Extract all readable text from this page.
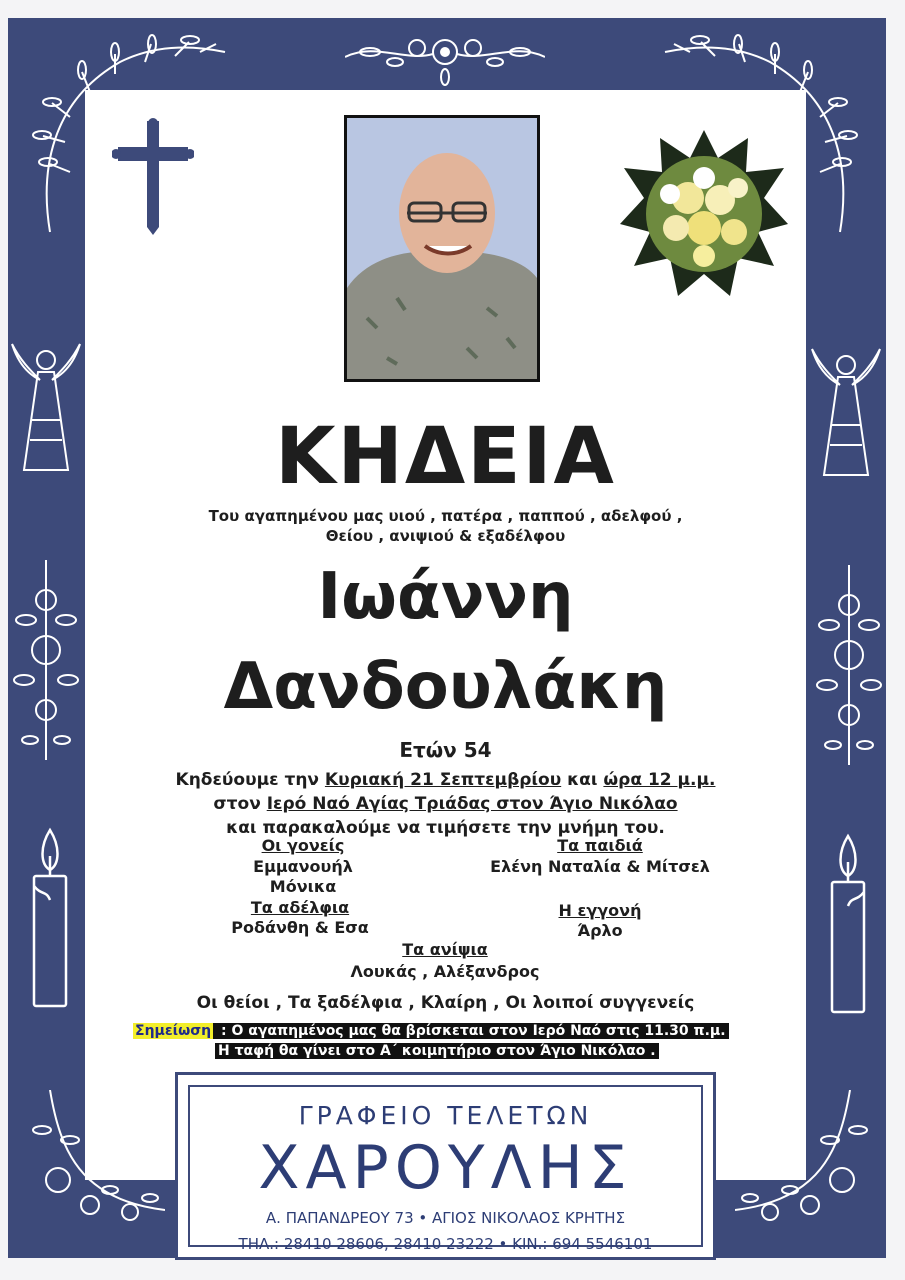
ΚΗΔΕΙΑ
Του αγαπημένου μας υιού , πατέρα , παππού , αδελφού ,
Θείου , ανιψιού & εξαδέλφου
Ιωάννη
Δανδουλάκη
Ετών 54
Κηδεύουμε την Κυριακή 21 Σεπτεμβρίου και ώρα 12 μ.μ.
στον Ιερό Ναό Αγίας Τριάδας στον Άγιο Νικόλαο
και παρακαλούμε να τιμήσετε την μνήμη του.
Οι γονείς
Εμμανουήλ
Μόνικα
Τα παιδιά
Ελένη Ναταλία & Μίτσελ
Τα αδέλφια
Ροδάνθη & Εσα
Η εγγονή
Άρλο
Τα ανίψια
Λουκάς , Αλέξανδρος
Οι θείοι , Τα ξαδέλφια , Κλαίρη , Οι λοιποί συγγενείς
Σημείωση : Ο αγαπημένος μας θα βρίσκεται στον Ιερό Ναό στις 11.30 π.μ.
Η ταφή θα γίνει στο Α΄ κοιμητήριο στον Άγιο Νικόλαο .
ΓΡΑΦΕΙΟ ΤΕΛΕΤΩΝ
ΧΑΡΟΥΛΗΣ
Α. ΠΑΠΑΝΔΡΕΟΥ 73 • ΑΓΙΟΣ ΝΙΚΟΛΑΟΣ ΚΡΗΤΗΣ
ΤΗΛ.: 28410 28606, 28410 23222 • ΚΙΝ.: 694 5546101
